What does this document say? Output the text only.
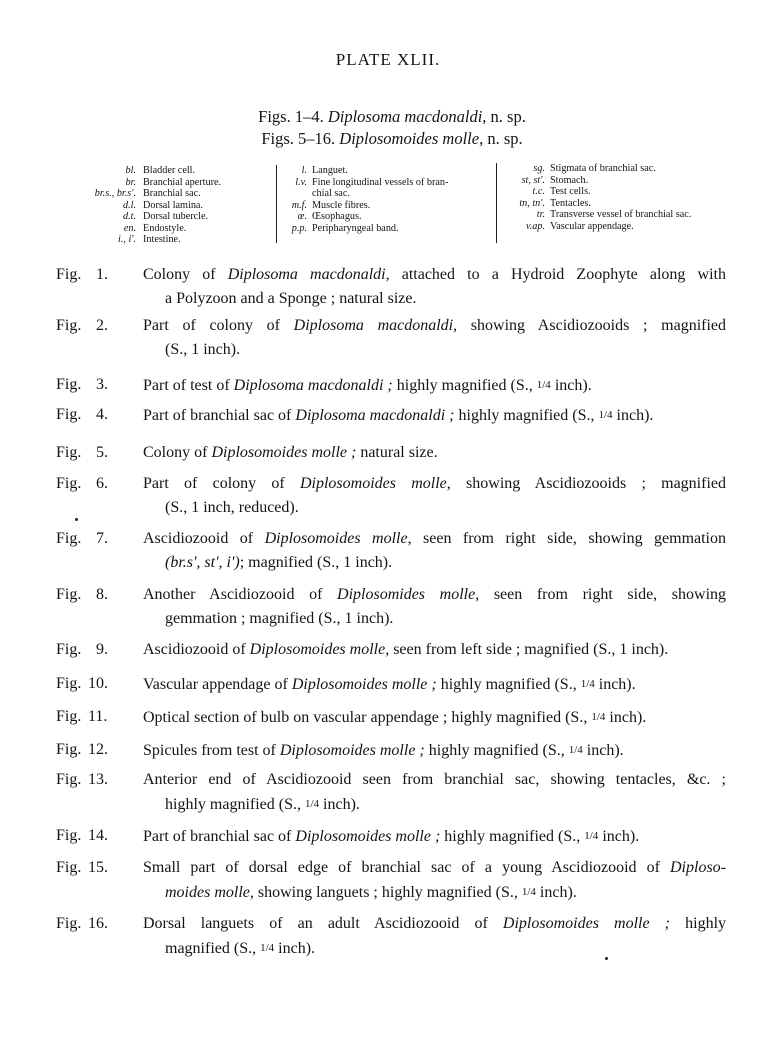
PLATE XLII.
Figs. 1–4. Diplosoma macdonaldi, n. sp.
Figs. 5–16. Diplosomoides molle, n. sp.
bl. Bladder cell.
br. Branchial aperture.
br.s., br.s'. Branchial sac.
d.l. Dorsal lamina.
d.t. Dorsal tubercle.
en. Endostyle.
i., i'. Intestine.
l. Languet.
l.v. Fine longitudinal vessels of bran-
chial sac.
m.f. Muscle fibres.
œ. Œsophagus.
p.p. Peripharyngeal band.
sg. Stigmata of branchial sac.
st, st'. Stomach.
t.c. Test cells.
tn, tn'. Tentacles.
tr. Transverse vessel of branchial sac.
v.ap. Vascular appendage.
Fig. 1.	Colony of Diplosoma macdonaldi, attached to a Hydroid Zoophyte along with
a Polyzoon and a Sponge ; natural size.
Fig. 2.	Part of colony of Diplosoma macdonaldi, showing Ascidiozooids ; magnified
(S., 1 inch).
Fig. 3.	Part of test of Diplosoma macdonaldi ; highly magnified (S., 1/4 inch).
Fig. 4.	Part of branchial sac of Diplosoma macdonaldi ; highly magnified (S., 1/4 inch).
Fig. 5.	Colony of Diplosomoides molle ; natural size.
Fig. 6.	Part of colony of Diplosomoides molle, showing Ascidiozooids ; magnified
(S., 1 inch, reduced).
Fig. 7.	Ascidiozooid of Diplosomoides molle, seen from right side, showing gemmation
(br.s', st', i'); magnified (S., 1 inch).
Fig. 8.	Another Ascidiozooid of Diplosomides molle, seen from right side, showing
gemmation ; magnified (S., 1 inch).
Fig. 9.	Ascidiozooid of Diplosomoides molle, seen from left side ; magnified (S., 1 inch).
Fig. 10.	Vascular appendage of Diplosomoides molle ; highly magnified (S., 1/4 inch).
Fig. 11.	Optical section of bulb on vascular appendage ; highly magnified (S., 1/4 inch).
Fig. 12.	Spicules from test of Diplosomoides molle ; highly magnified (S., 1/4 inch).
Fig. 13.	Anterior end of Ascidiozooid seen from branchial sac, showing tentacles, &c. ;
highly magnified (S., 1/4 inch).
Fig. 14.	Part of branchial sac of Diplosomoides molle ; highly magnified (S., 1/4 inch).
Fig. 15.	Small part of dorsal edge of branchial sac of a young Ascidiozooid of Diploso-
moides molle, showing languets ; highly magnified (S., 1/4 inch).
Fig. 16.	Dorsal languets of an adult Ascidiozooid of Diplosomoides molle ; highly
magnified (S., 1/4 inch).
